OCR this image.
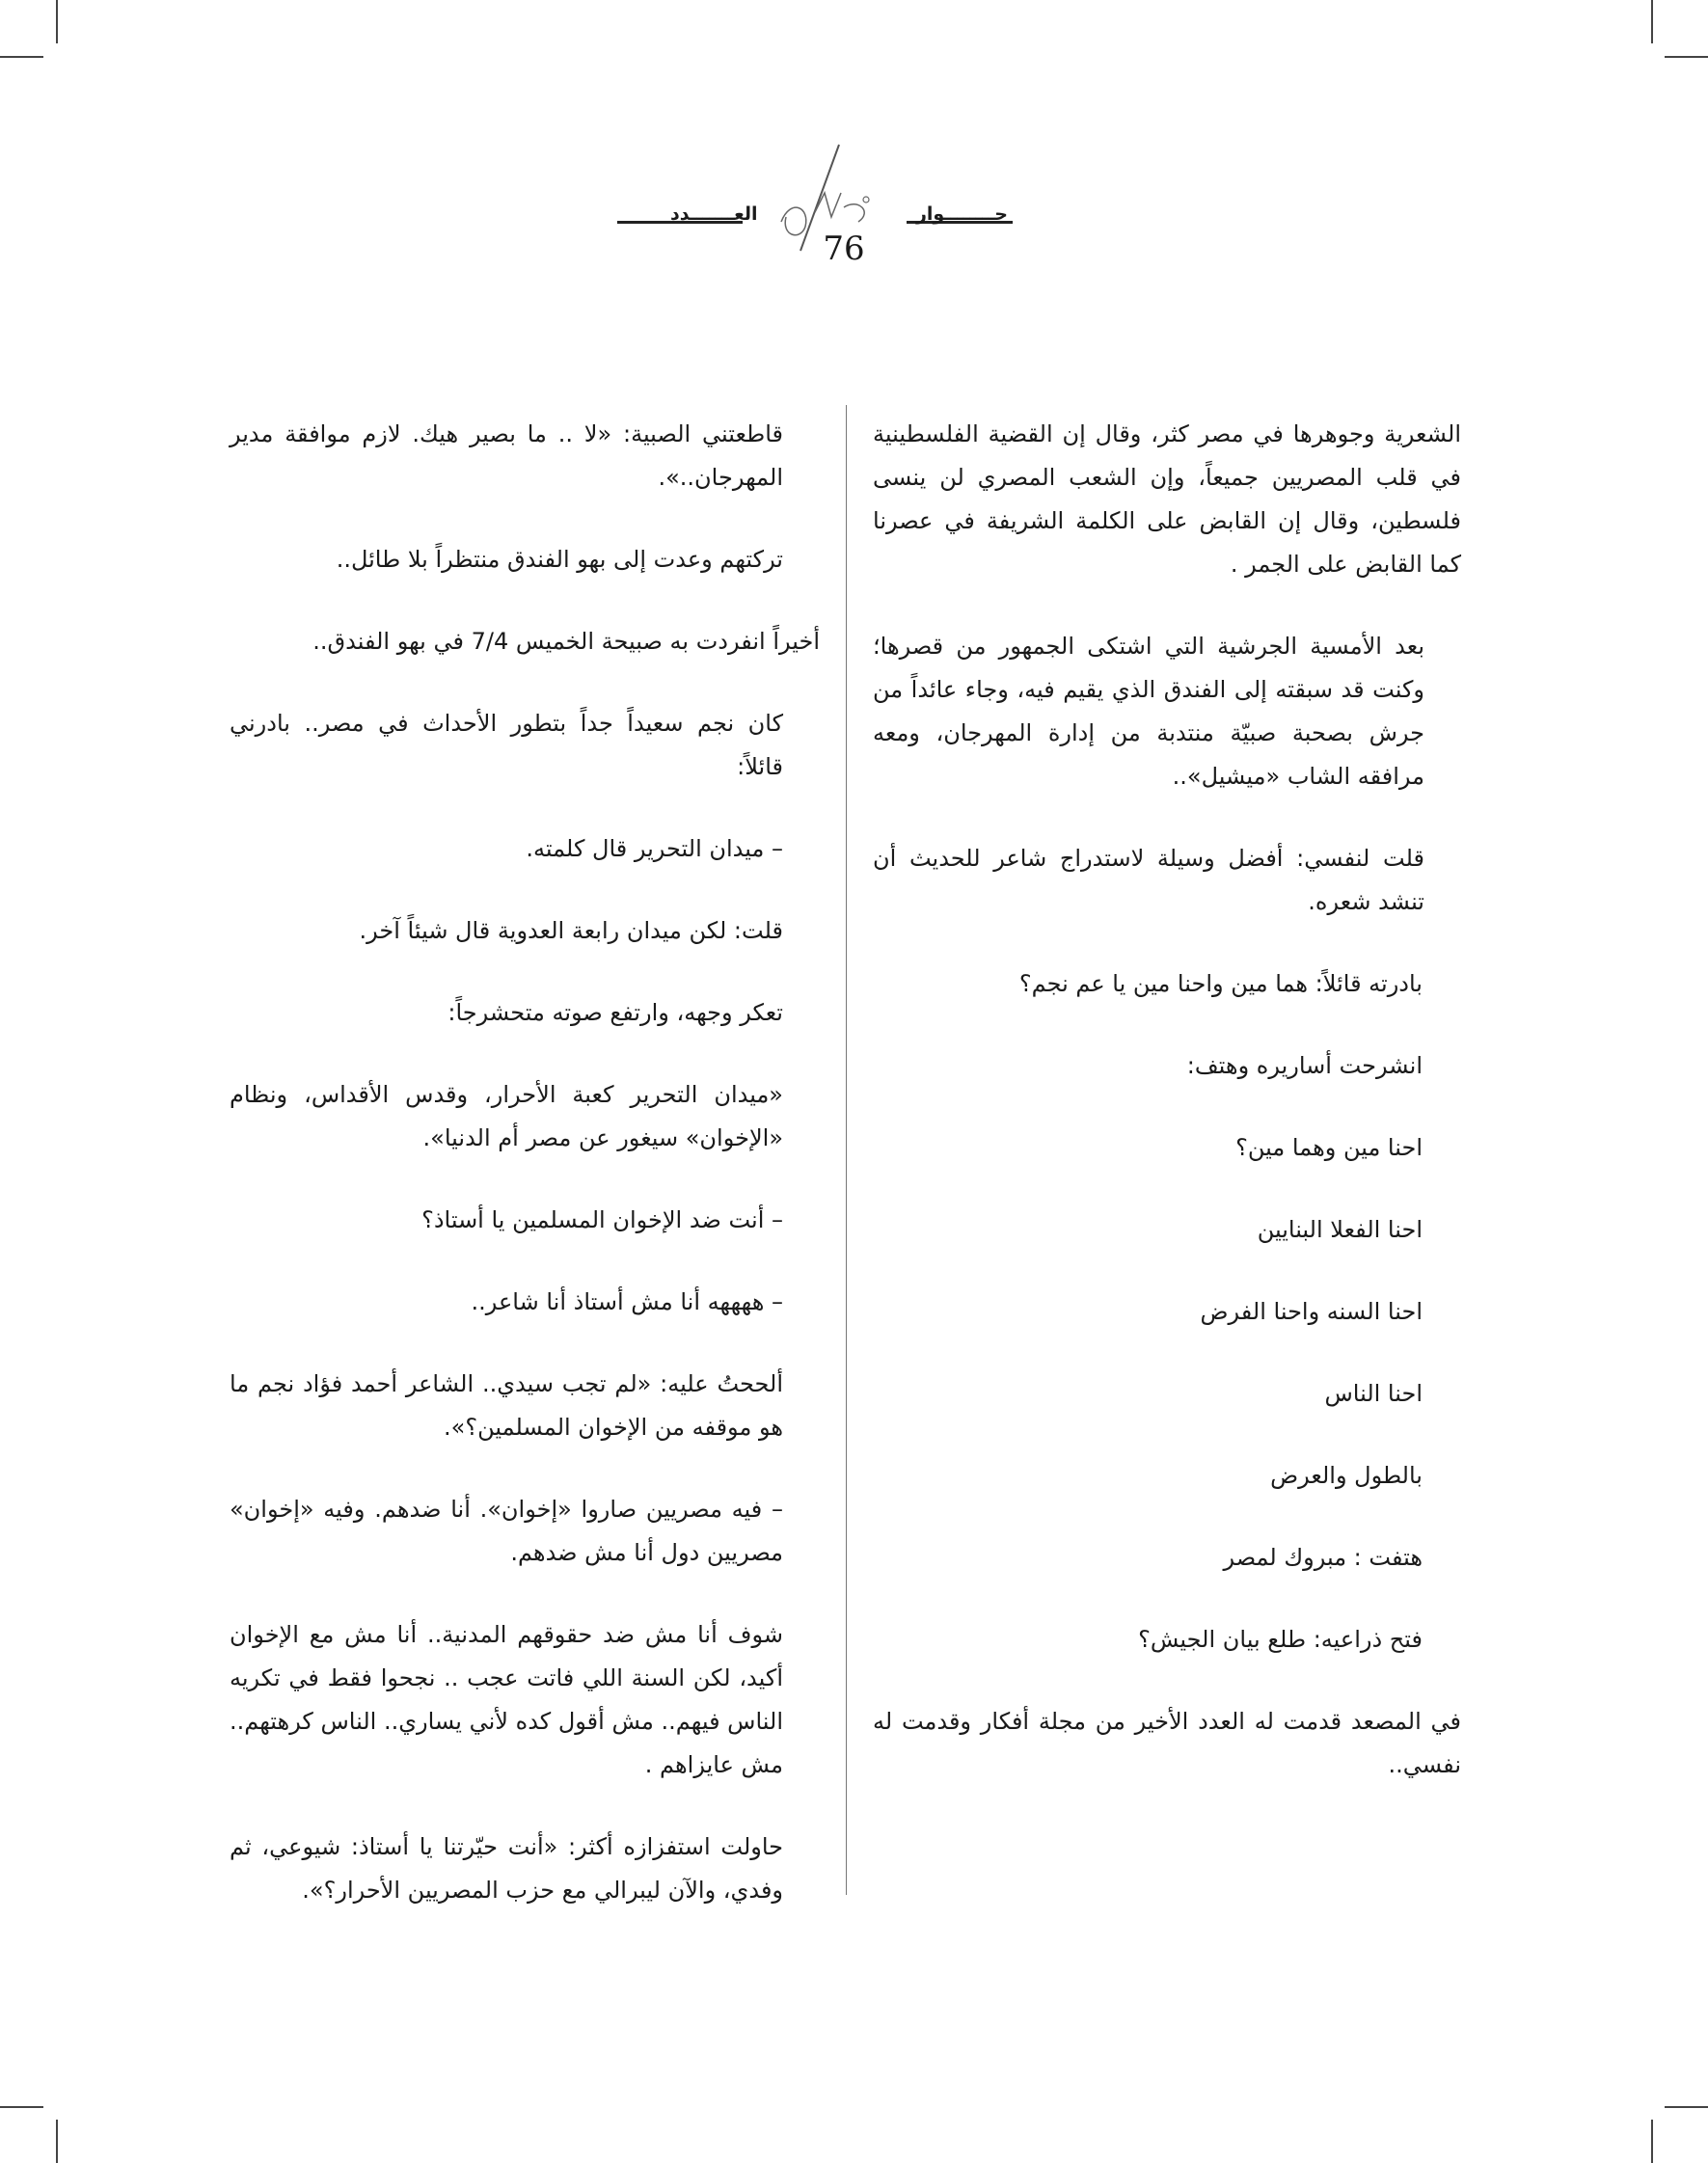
حــــــــوار
العـــــــدد
76

الشعرية وجوهرها في مصر كثر، وقال إن القضية الفلسطينية في قلب المصريين جميعاً، وإن الشعب المصري لن ينسى فلسطين، وقال إن القابض على الكلمة الشريفة في عصرنا كما القابض على الجمر .

بعد الأمسية الجرشية التي اشتكى الجمهور من قصرها؛ وكنت قد سبقته إلى الفندق الذي يقيم فيه، وجاء عائداً من جرش بصحبة صبيّة منتدبة من إدارة المهرجان، ومعه مرافقه الشاب «ميشيل»..

قلت لنفسي: أفضل وسيلة لاستدراج شاعر للحديث أن تنشد شعره.

بادرته قائلاً: هما مين واحنا مين يا عم نجم؟

انشرحت أساريره وهتف:

احنا مين وهما مين؟

احنا الفعلا البنايين

احنا السنه واحنا الفرض

احنا الناس

بالطول والعرض

هتفت : مبروك لمصر

فتح ذراعيه: طلع بيان الجيش؟

في المصعد قدمت له العدد الأخير من مجلة أفكار وقدمت له نفسي..

قاطعتني الصبية: «لا .. ما بصير هيك. لازم موافقة مدير المهرجان..».

تركتهم وعدت إلى بهو الفندق منتظراً بلا طائل..

أخيراً انفردت به صبيحة الخميس 7/4 في بهو الفندق..

كان نجم سعيداً جداً بتطور الأحداث في مصر.. بادرني قائلاً:

– ميدان التحرير قال كلمته.

قلت: لكن ميدان رابعة العدوية قال شيئاً آخر.

تعكر وجهه، وارتفع صوته متحشرجاً:

«ميدان التحرير كعبة الأحرار، وقدس الأقداس، ونظام «الإخوان» سيغور عن مصر أم الدنيا».

– أنت ضد الإخوان المسلمين يا أستاذ؟

– ههههه أنا مش أستاذ أنا شاعر..

ألححتُ عليه: «لم تجب سيدي.. الشاعر أحمد فؤاد نجم ما هو موقفه من الإخوان المسلمين؟».

– فيه مصريين صاروا «إخوان». أنا ضدهم. وفيه «إخوان» مصريين دول أنا مش ضدهم.

شوف أنا مش ضد حقوقهم المدنية.. أنا مش مع الإخوان أكيد، لكن السنة اللي فاتت عجب .. نجحوا فقط في تكريه الناس فيهم.. مش أقول كده لأني يساري.. الناس كرهتهم.. مش عايزاهم .

حاولت استفزازه أكثر: «أنت حيّرتنا يا أستاذ: شيوعي، ثم وفدي، والآن ليبرالي مع حزب المصريين الأحرار؟».
